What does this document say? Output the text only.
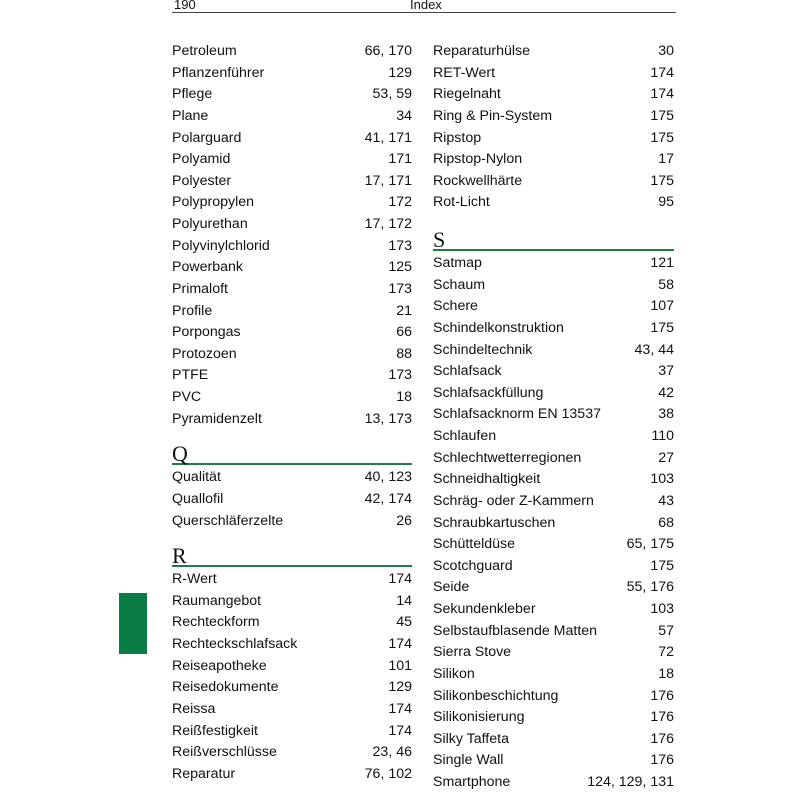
190	Index
Petroleum	66, 170
Pflanzenführer	129
Pflege	53, 59
Plane	34
Polarguard	41, 171
Polyamid	171
Polyester	17, 171
Polypropylen	172
Polyurethan	17, 172
Polyvinylchlorid	173
Powerbank	125
Primaloft	173
Profile	21
Porpongas	66
Protozoen	88
PTFE	173
PVC	18
Pyramidenzelt	13, 173
Q
Qualität	40, 123
Quallofil	42, 174
Querschläferzelte	26
R
R-Wert	174
Raumangebot	14
Rechteckform	45
Rechteckschlafsack	174
Reiseapotheke	101
Reisedokumente	129
Reissa	174
Reißfestigkeit	174
Reißverschlüsse	23, 46
Reparatur	76, 102
Reparaturhülse	30
RET-Wert	174
Riegelnaht	174
Ring & Pin-System	175
Ripstop	175
Ripstop-Nylon	17
Rockwellhärte	175
Rot-Licht	95
S
Satmap	121
Schaum	58
Schere	107
Schindelkonstruktion	175
Schindeltechnik	43, 44
Schlafsack	37
Schlafsackfüllung	42
Schlafsacknorm EN 13537	38
Schlaufen	110
Schlechtwetterregionen	27
Schneidhaltigkeit	103
Schräg- oder Z-Kammern	43
Schraubkartuschen	68
Schütteldüse	65, 175
Scotchguard	175
Seide	55, 176
Sekundenkleber	103
Selbstaufblasende Matten	57
Sierra Stove	72
Silikon	18
Silikonbeschichtung	176
Silikonisierung	176
Silky Taffeta	176
Single Wall	176
Smartphone	124, 129, 131
